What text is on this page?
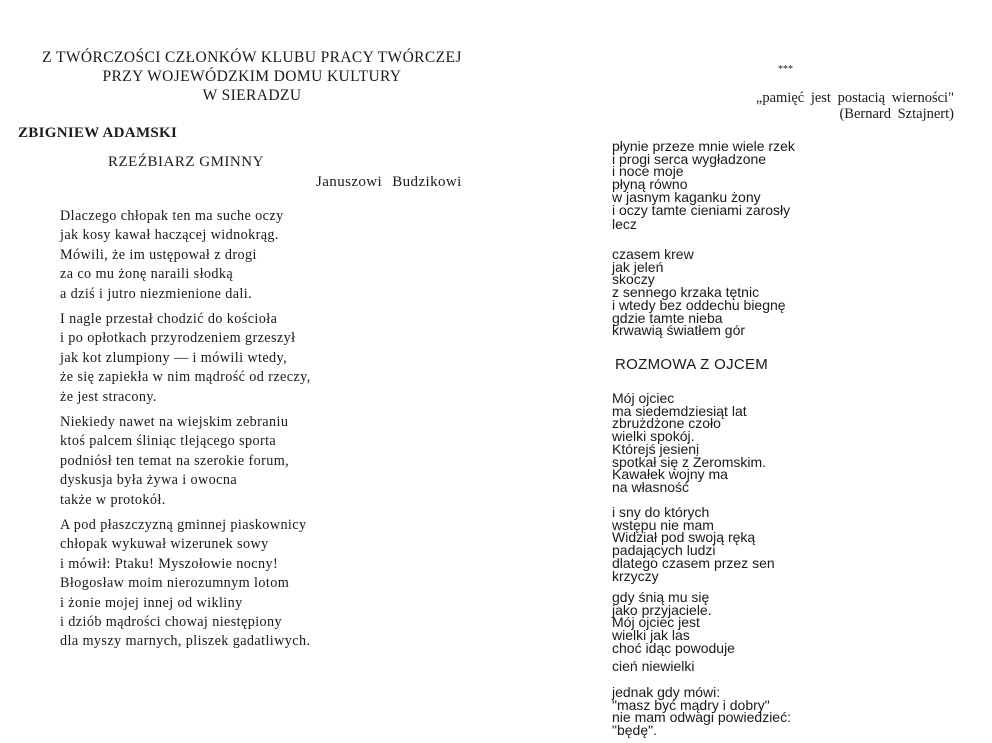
Z TWÓRCZOŚCI CZŁONKÓW KLUBU PRACY TWÓRCZEJ
PRZY WOJEWÓDZKIM DOMU KULTURY
W SIERADZU
ZBIGNIEW ADAMSKI
RZEŹBIARZ GMINNY
Januszowi Budzikowi
Dlaczego chłopak ten ma suche oczy
jak kosy kawał haczącej widnokrąg.
Mówili, że im ustępował z drogi
za co mu żonę naraili słodką
a dziś i jutro niezmienione dali.
I nagle przestał chodzić do kościoła
i po opłotkach przyrodzeniem grzeszył
jak kot zlumpiony — i mówili wtedy,
że się zapiekła w nim mądrość od rzeczy,
że jest stracony.
Niekiedy nawet na wiejskim zebraniu
ktoś palcem śliniąc tlejącego sporta
podniósł ten temat na szerokie forum,
dyskusja była żywa i owocna
także w protokół.
A pod płaszczyzną gminnej piaskownicy
chłopak wykuwał wizerunek sowy
i mówił: Ptaku! Myszołowie nocny!
Błogosław moim nierozumnym lotom
i żonie mojej innej od wikliny
i dziób mądrości chowaj niestępiony
dla myszy marnych, pliszek gadatliwych.
***
„pamięć jest postacią wierności"
(Bernard Sztajnert)
płynie przeze mnie wiele rzek
i progi serca wygładzone
i noce moje
płyną równo
w jasnym kaganku żony
i oczy tamte cieniami zarosły
lecz
czasem krew
jak jeleń
skoczy
z sennego krzaka tętnic
i wtedy bez oddechu biegnę
gdzie tamte nieba
krwawią światłem gór
ROZMOWA Z OJCEM
Mój ojciec
ma siedemdziesiąt lat
zbrużdżone czoło
wielki spokój.
Którejś jesieni
spotkał się z Żeromskim.
Kawałek wojny ma
na własność
i sny do których
wstępu nie mam
Widział pod swoją ręką
padających ludzi
dlatego czasem przez sen
krzyczy
gdy śnią mu się
jako przyjaciele.
Mój ojciec jest
wielki jak las
choć idąc powoduje
cień niewielki
jednak gdy mówi:
"masz być mądry i dobry"
nie mam odwagi powiedzieć:
"będę".
